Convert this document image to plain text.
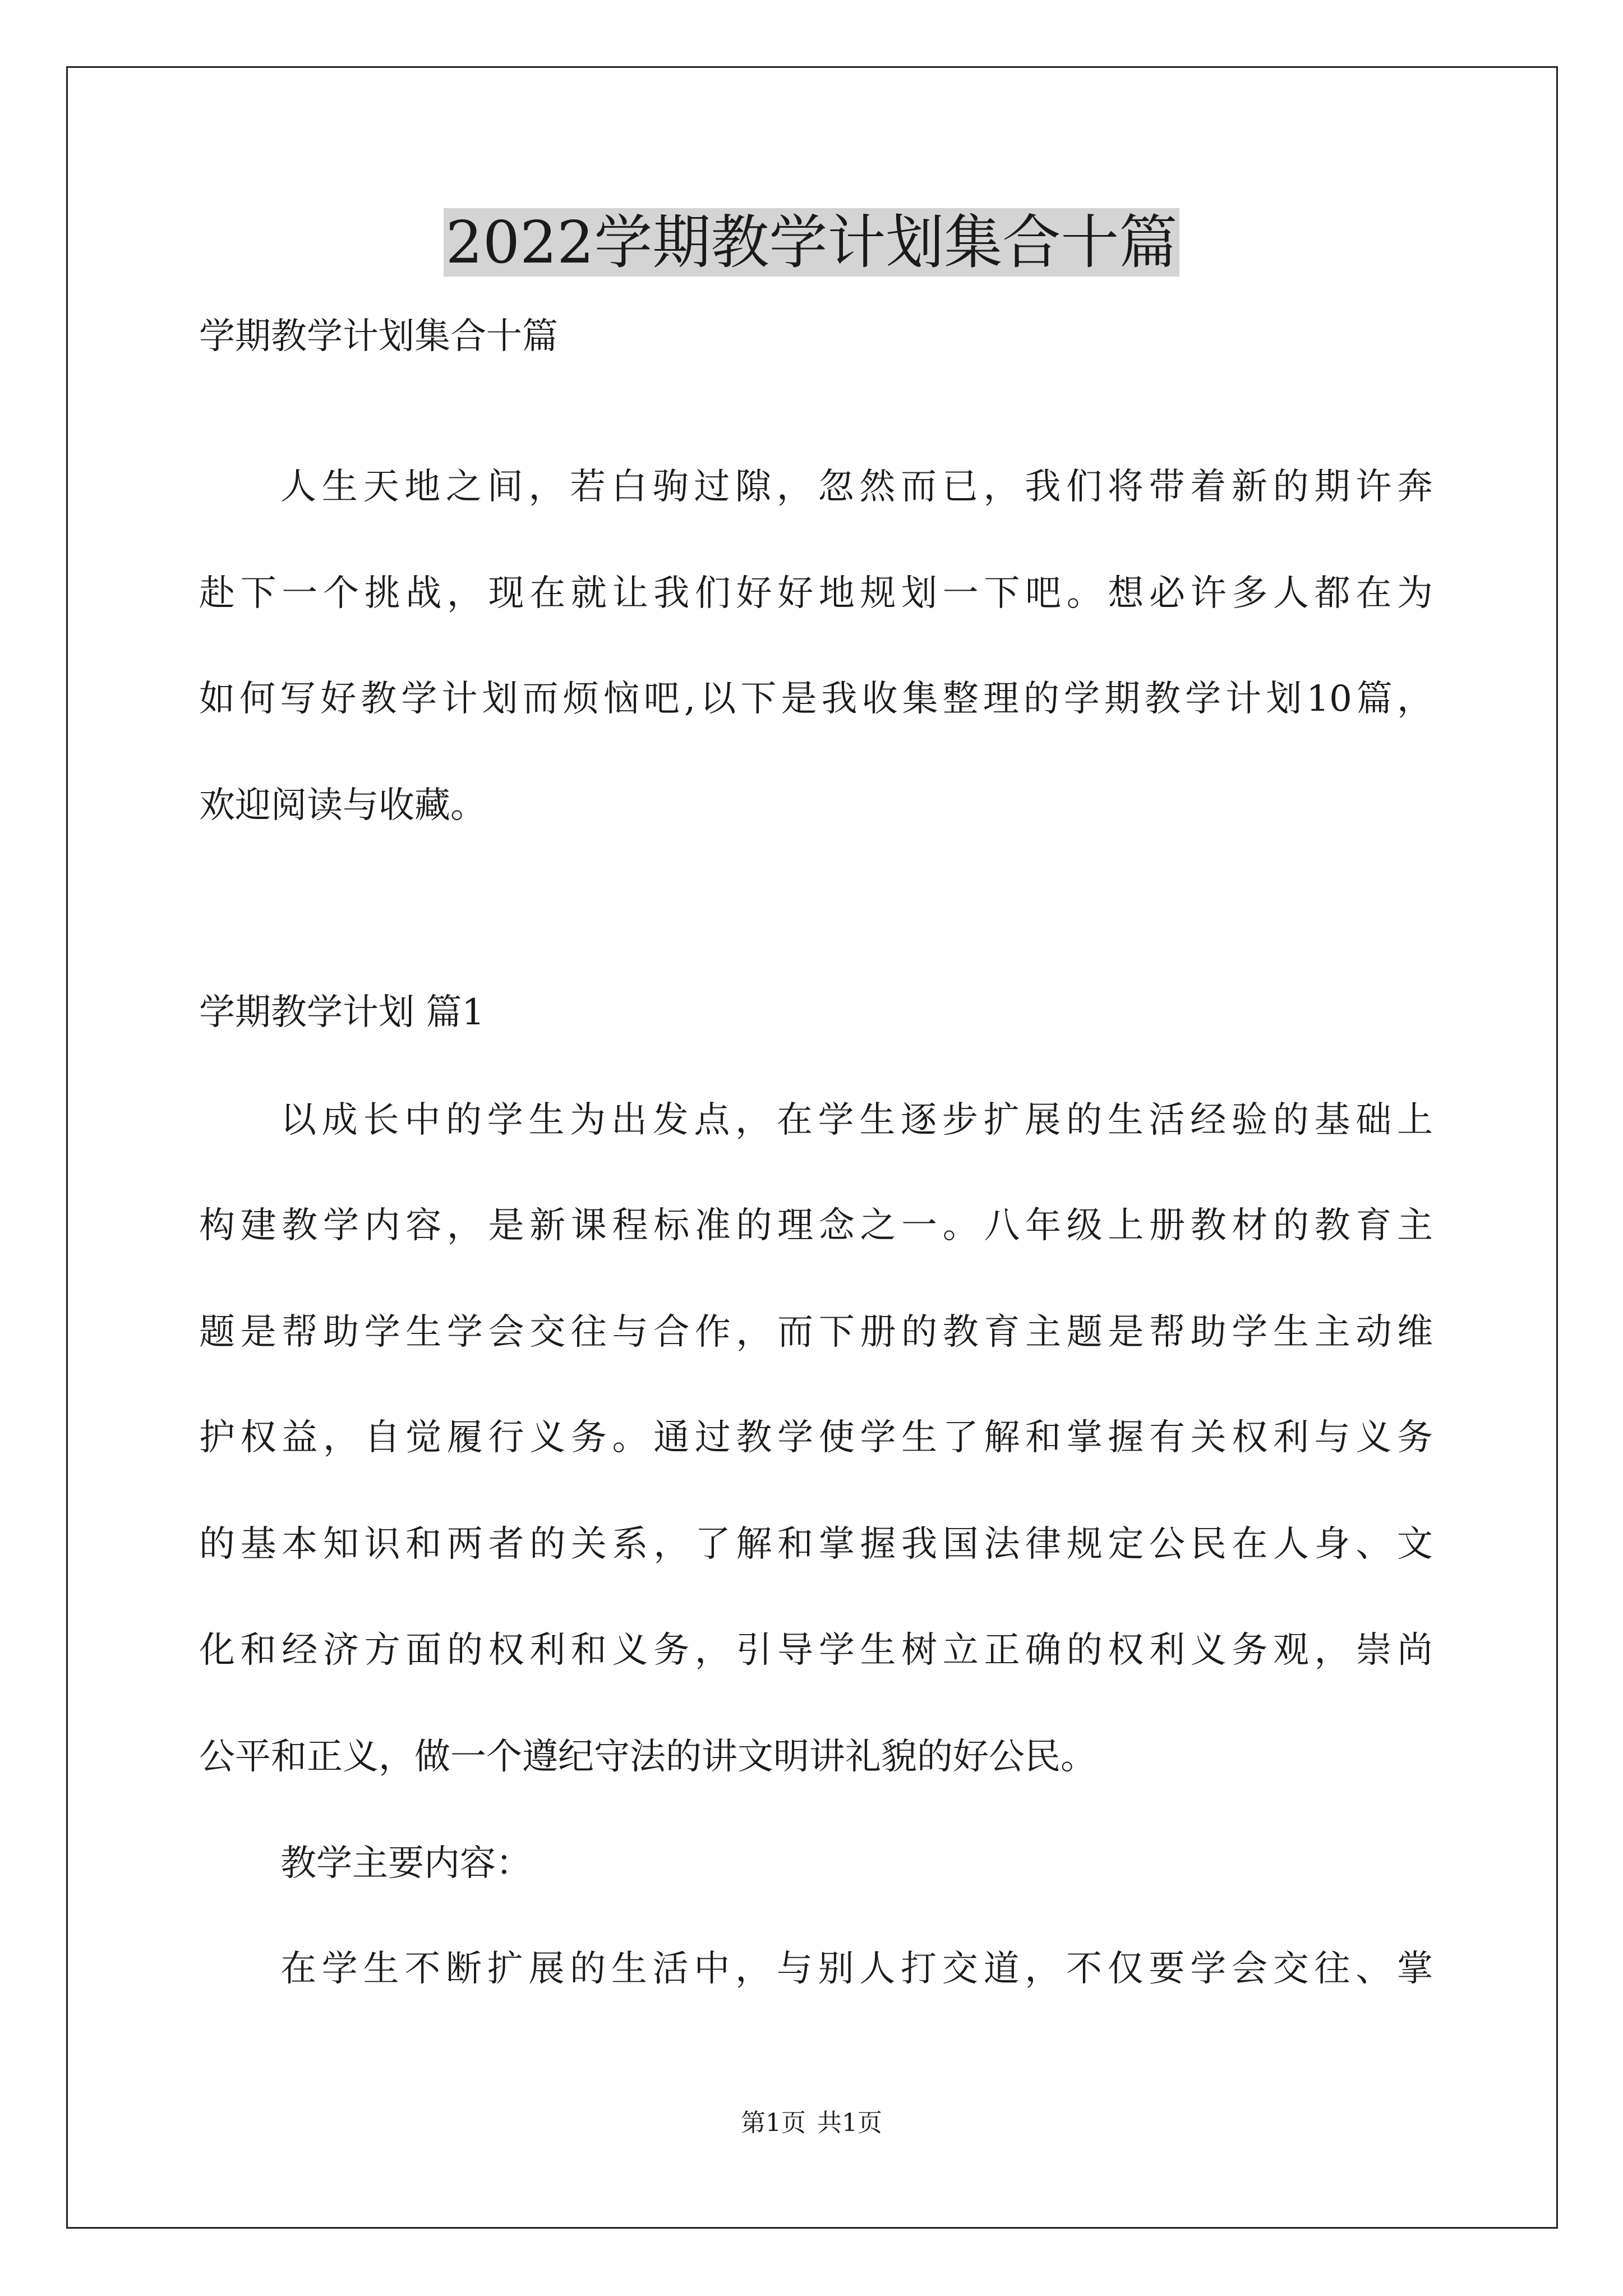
2022学期教学计划集合十篇

学期教学计划集合十篇

人生天地之间，若白驹过隙，忽然而已，我们将带着新的期许奔

赴下一个挑战，现在就让我们好好地规划一下吧。想必许多人都在为

如何写好教学计划而烦恼吧,以下是我收集整理的学期教学计划10篇，

欢迎阅读与收藏。

学期教学计划 篇1

以成长中的学生为出发点，在学生逐步扩展的生活经验的基础上

构建教学内容，是新课程标准的理念之一。八年级上册教材的教育主

题是帮助学生学会交往与合作，而下册的教育主题是帮助学生主动维

护权益，自觉履行义务。通过教学使学生了解和掌握有关权利与义务

的基本知识和两者的关系，了解和掌握我国法律规定公民在人身、文

化和经济方面的权利和义务，引导学生树立正确的权利义务观，崇尚

公平和正义，做一个遵纪守法的讲文明讲礼貌的好公民。

教学主要内容：

在学生不断扩展的生活中，与别人打交道，不仅要学会交往、掌

第1页 共1页
